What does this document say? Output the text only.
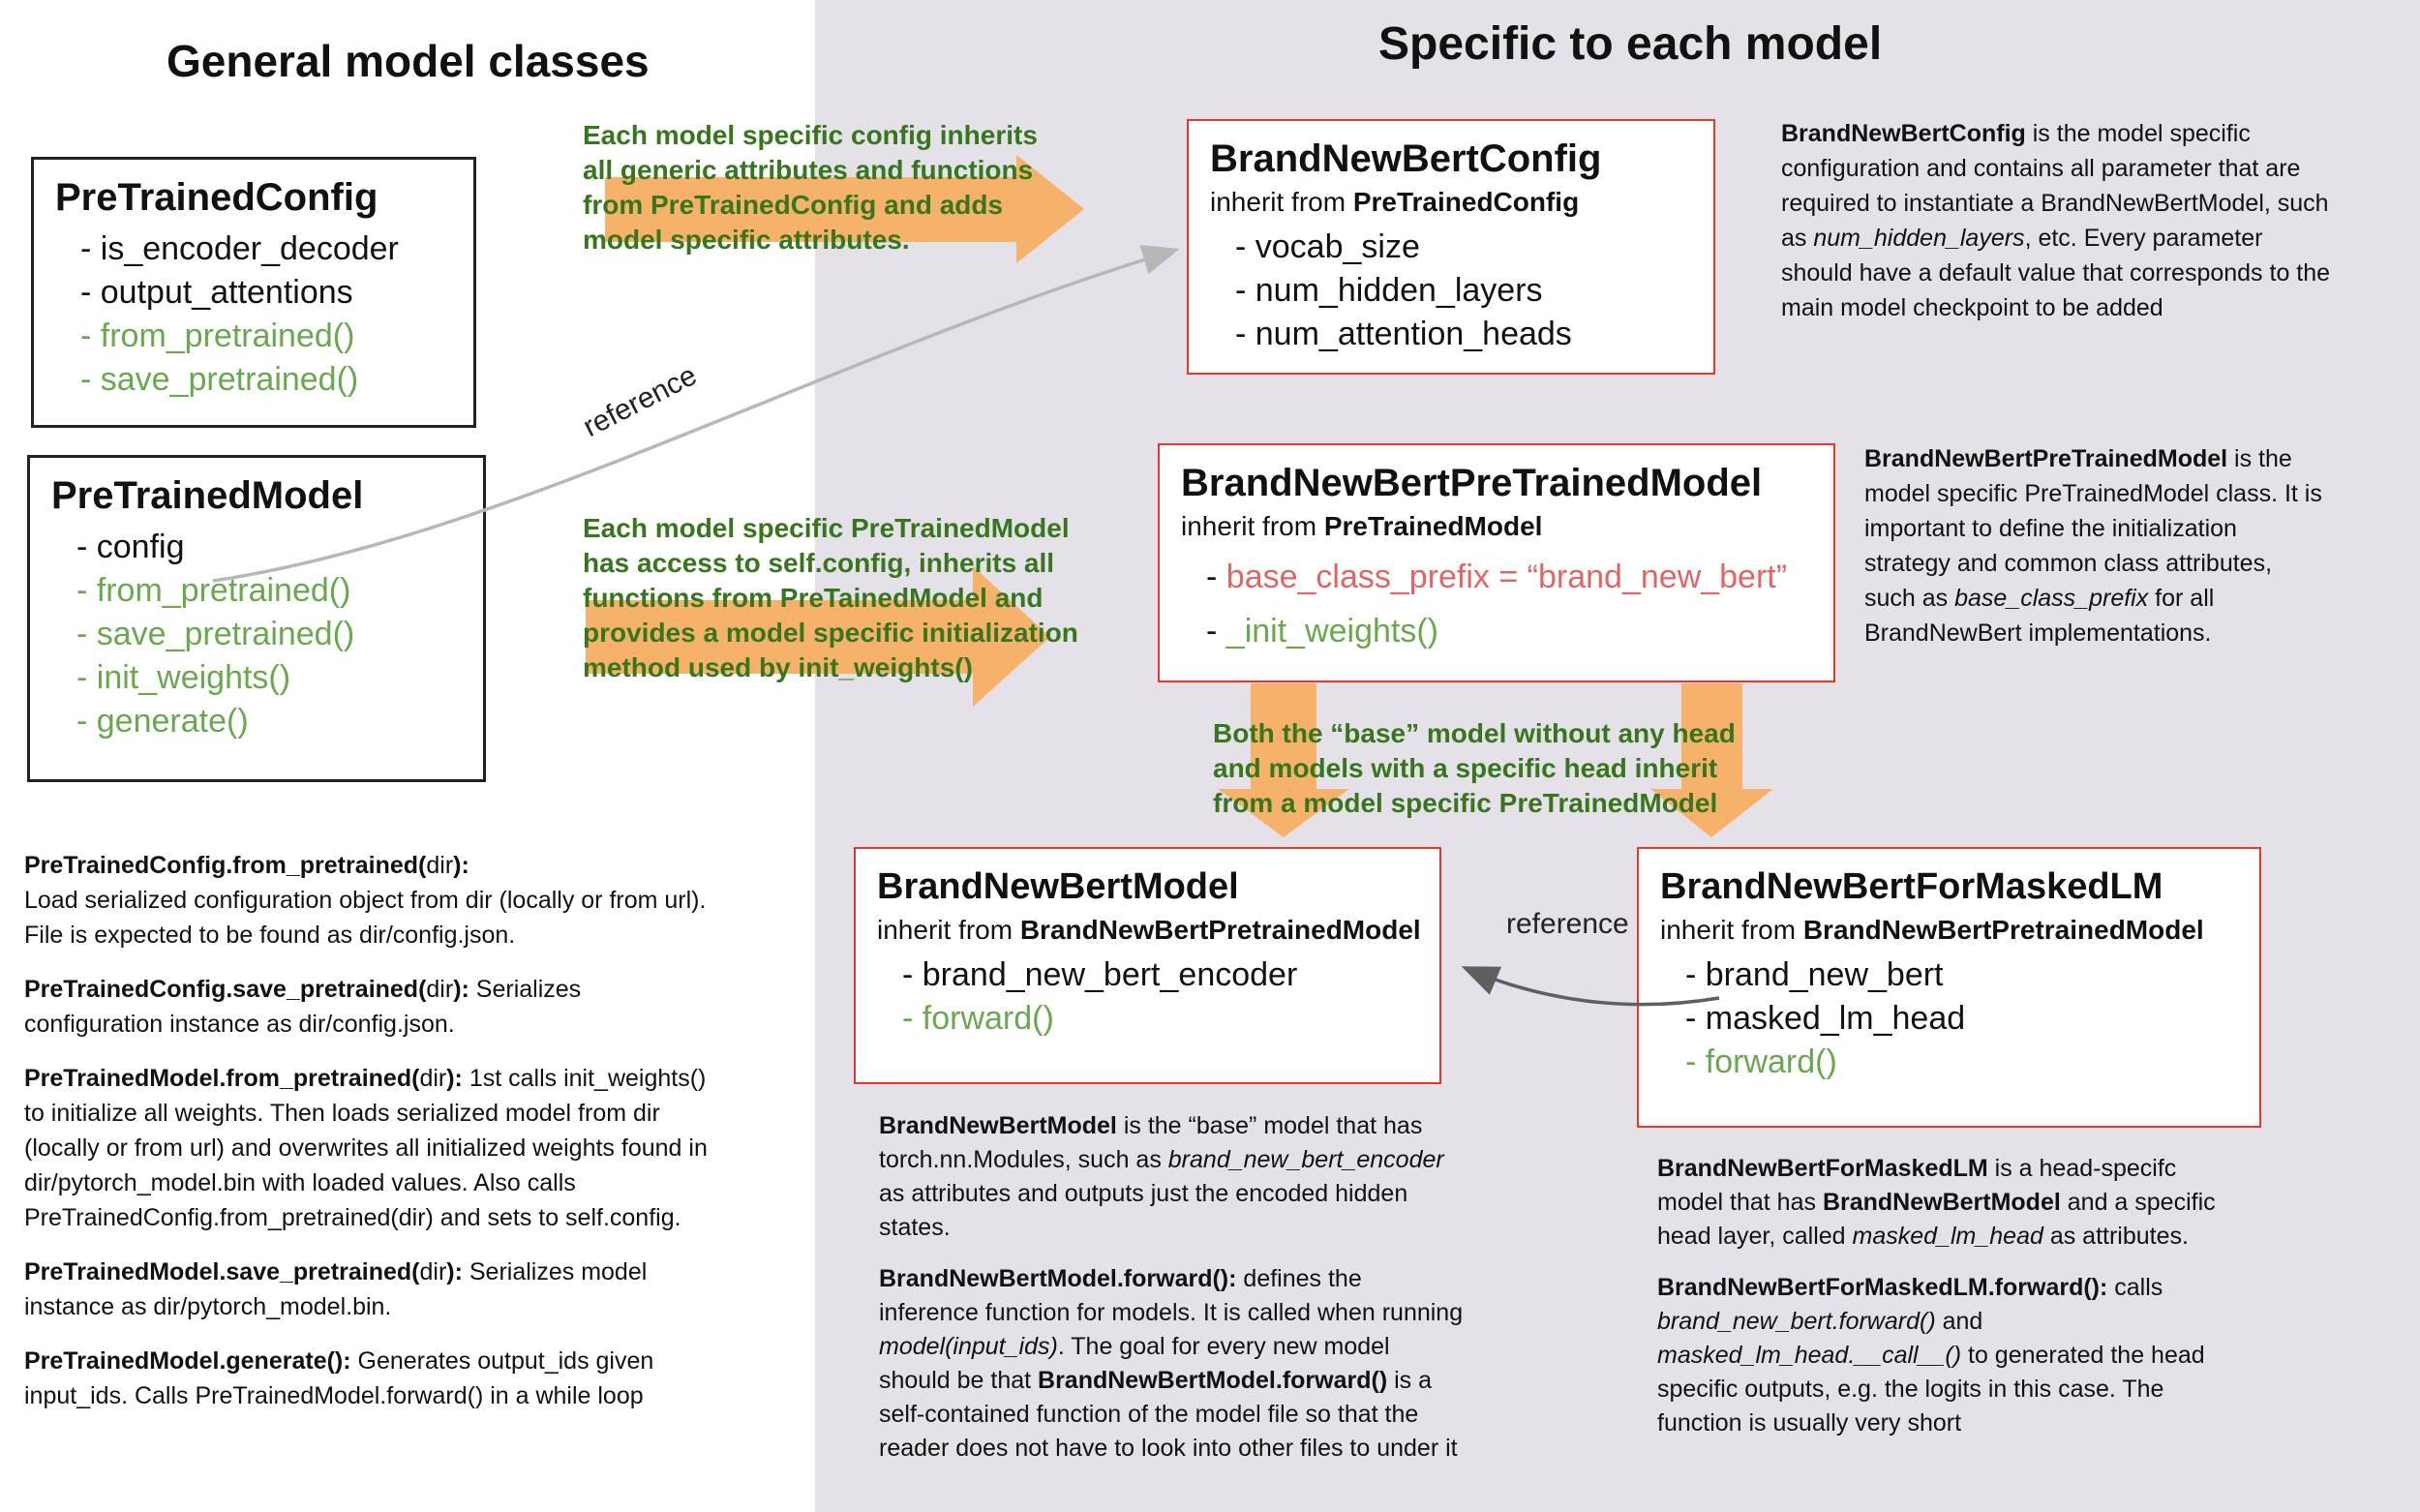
General model classes	Specific to each model
PreTrainedConfig
- is_encoder_decoder
- output_attentions
- from_pretrained()
- save_pretrained()
PreTrainedModel
- config
- from_pretrained()
- save_pretrained()
- init_weights()
- generate()
BrandNewBertConfig
inherit from PreTrainedConfig
- vocab_size
- num_hidden_layers
- num_attention_heads
BrandNewBertPreTrainedModel
inherit from PreTrainedModel
- base_class_prefix = “brand_new_bert”
- _init_weights()
BrandNewBertModel
inherit from BrandNewBertPretrainedModel
- brand_new_bert_encoder
- forward()
BrandNewBertForMaskedLM
inherit from BrandNewBertPretrainedModel
- brand_new_bert
- masked_lm_head
- forward()
Each model specific config inherits
all generic attributes and functions
from PreTrainedConfig and adds
model specific attributes.
Each model specific PreTrainedModel
has access to self.config, inherits all
functions from PreTainedModel and
provides a model specific initialization
method used by init_weights()
Both the “base” model without any head
and models with a specific head inherit
from a model specific PreTrainedModel
reference
reference

BrandNewBertConfig is the model specific
configuration and contains all parameter that are
required to instantiate a BrandNewBertModel, such
as num_hidden_layers, etc. Every parameter
should have a default value that corresponds to the
main model checkpoint to be added

BrandNewBertPreTrainedModel is the
model specific PreTrainedModel class. It is
important to define the initialization
strategy and common class attributes,
such as base_class_prefix for all
BrandNewBert implementations.

PreTrainedConfig.from_pretrained(dir):
Load serialized configuration object from dir (locally or from url).
File is expected to be found as dir/config.json.

PreTrainedConfig.save_pretrained(dir): Serializes
configuration instance as dir/config.json.

PreTrainedModel.from_pretrained(dir): 1st calls init_weights()
to initialize all weights. Then loads serialized model from dir
(locally or from url) and overwrites all initialized weights found in
dir/pytorch_model.bin with loaded values. Also calls
PreTrainedConfig.from_pretrained(dir) and sets to self.config.

PreTrainedModel.save_pretrained(dir): Serializes model
instance as dir/pytorch_model.bin.

PreTrainedModel.generate(): Generates output_ids given
input_ids. Calls PreTrainedModel.forward() in a while loop

BrandNewBertModel is the “base” model that has
torch.nn.Modules, such as brand_new_bert_encoder
as attributes and outputs just the encoded hidden
states.

BrandNewBertModel.forward(): defines the
inference function for models. It is called when running
model(input_ids). The goal for every new model
should be that BrandNewBertModel.forward() is a
self-contained function of the model file so that the
reader does not have to look into other files to under it

BrandNewBertForMaskedLM is a head-specifc
model that has BrandNewBertModel and a specific
head layer, called masked_lm_head as attributes.

BrandNewBertForMaskedLM.forward(): calls
brand_new_bert.forward() and
masked_lm_head.__call__() to generated the head
specific outputs, e.g. the logits in this case. The
function is usually very short
